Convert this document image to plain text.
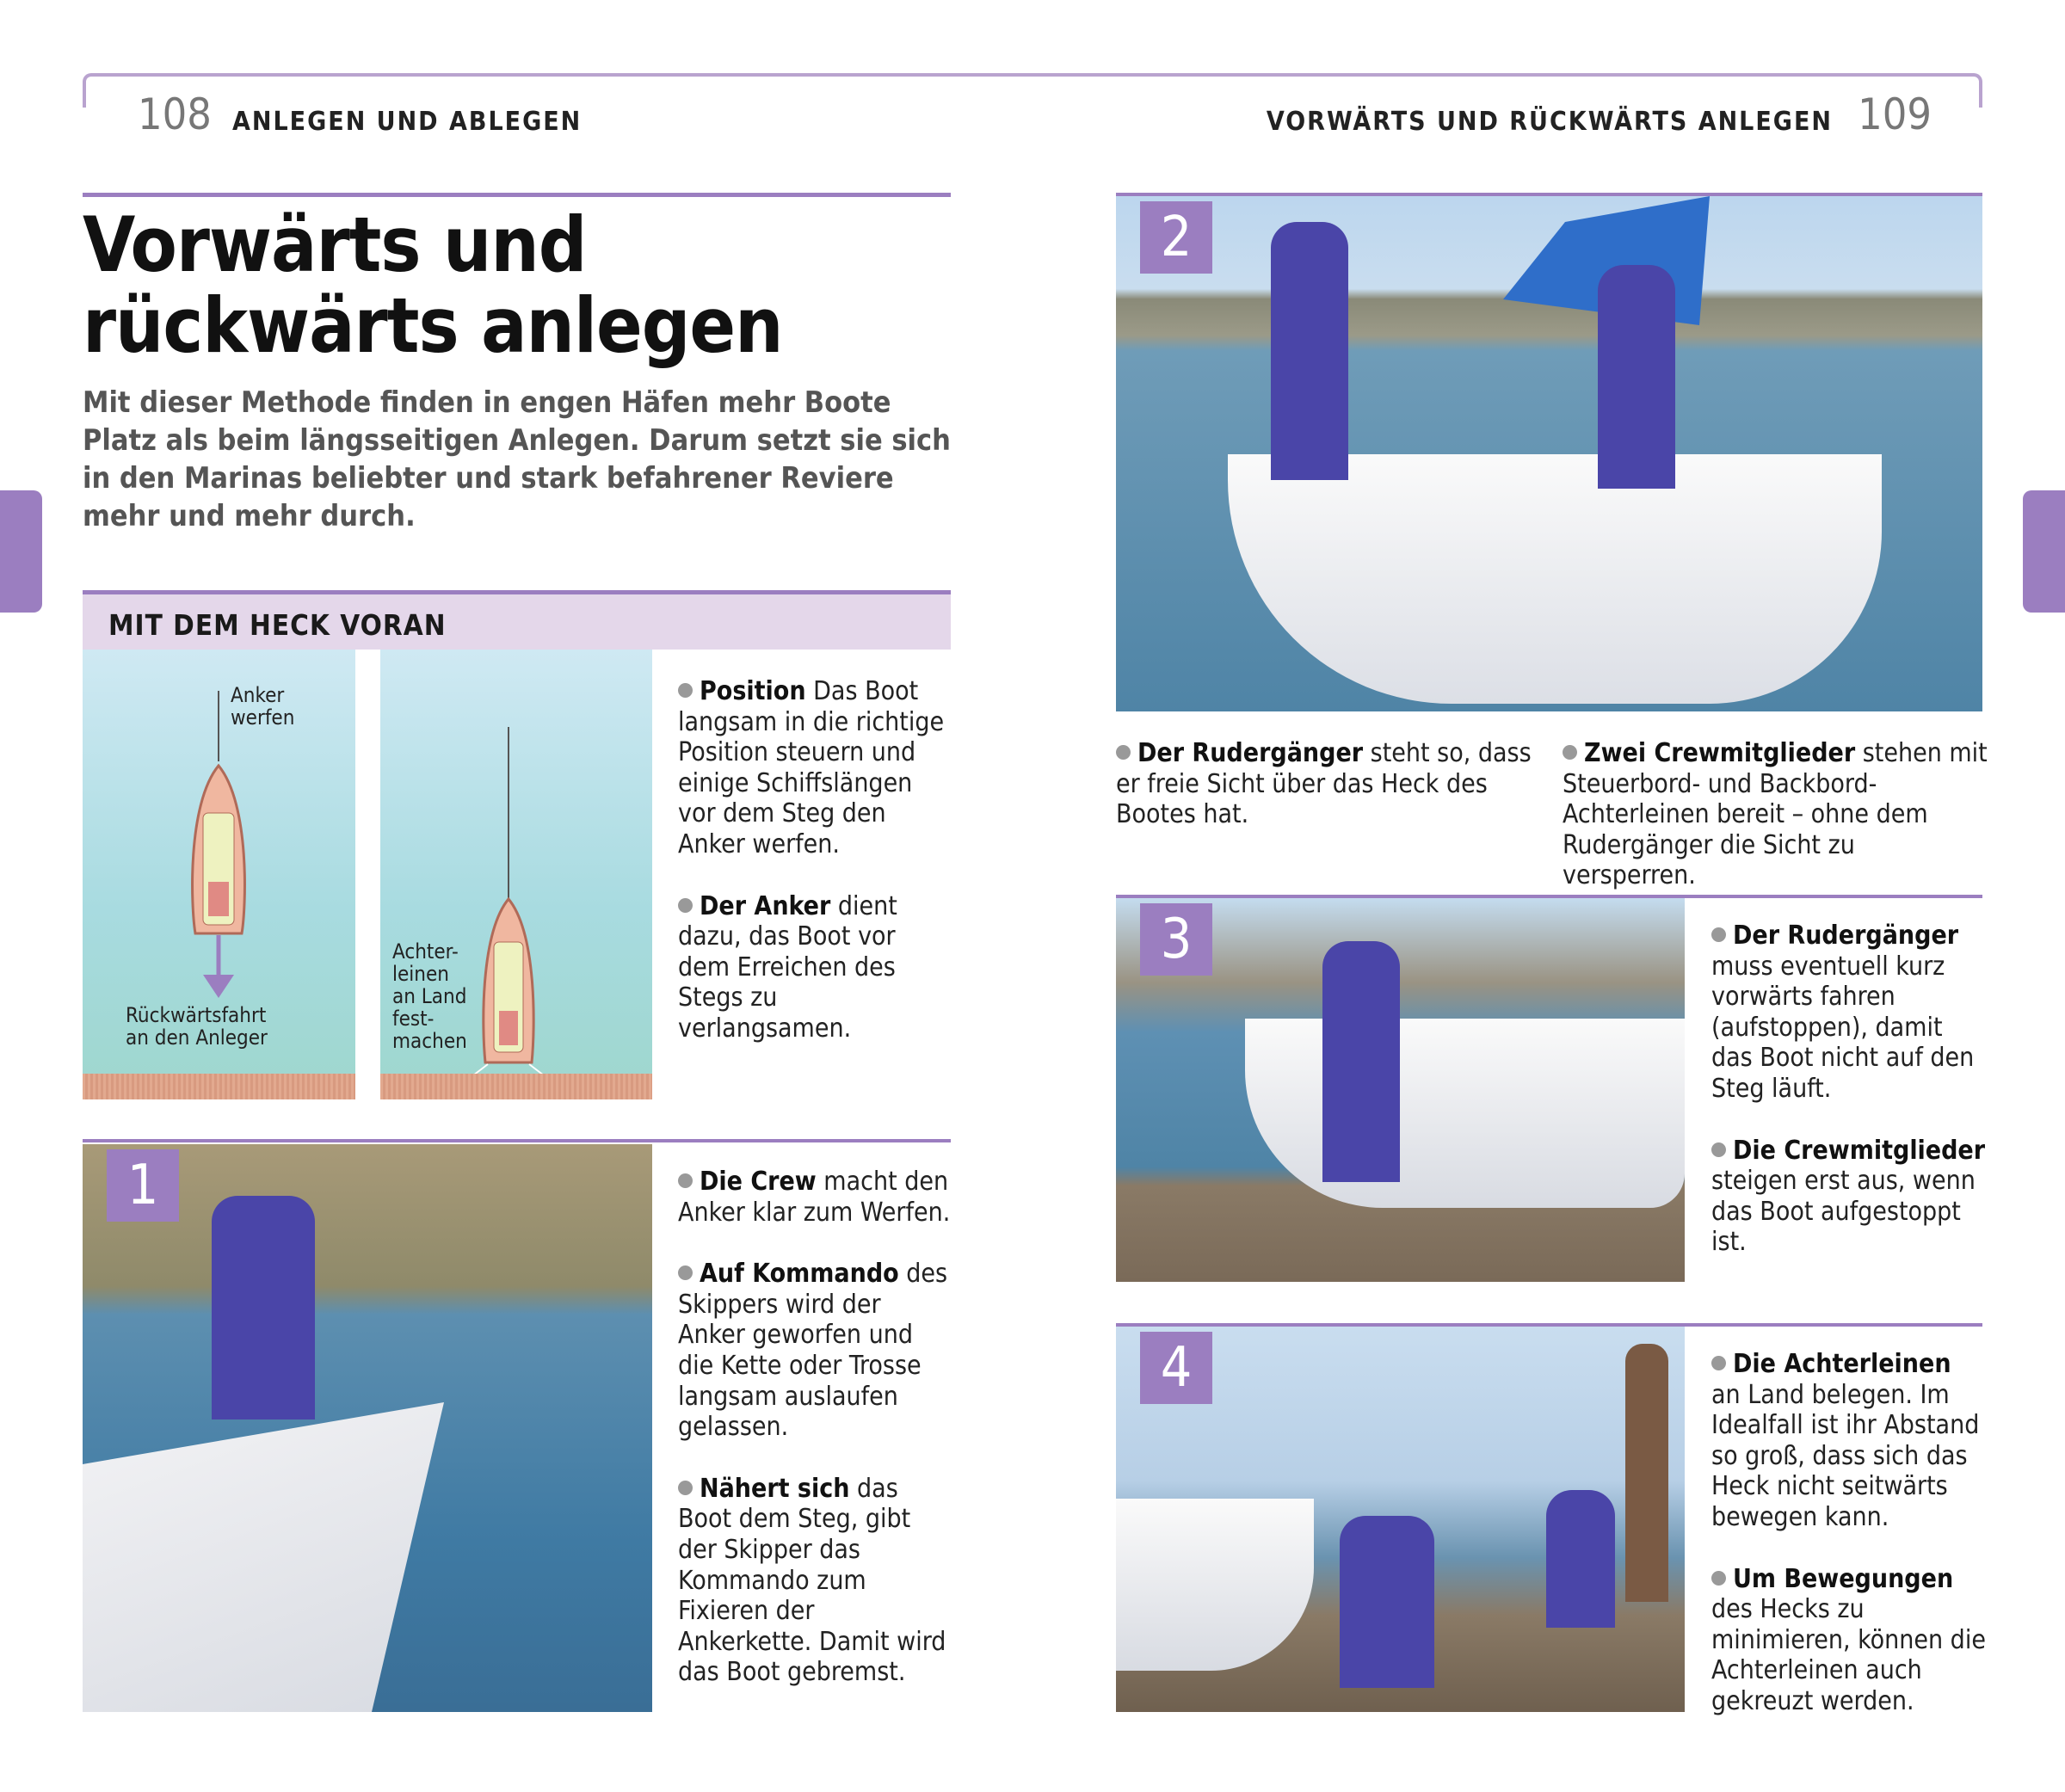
108 ANLEGEN UND ABLEGEN	VORWÄRTS UND RÜCKWÄRTS ANLEGEN 109
Vorwärts und rückwärts anlegen

Mit dieser Methode finden in engen Häfen mehr Boote Platz als beim längsseitigen Anlegen. Darum setzt sie sich in den Marinas beliebter und stark befahrener Reviere mehr und mehr durch.

MIT DEM HECK VORAN
Anker
werfen
Rückwärtsfahrt
an den Anleger
Achter-
leinen
an Land
fest-
machen

Position Das Boot langsam in die richtige Position steuern und einige Schiffslängen vor dem Steg den Anker werfen.

Der Anker dient dazu, das Boot vor dem Erreichen des Stegs zu verlangsamen.

1	Die Crew macht den Anker klar zum Werfen.

Auf Kommando des Skippers wird der Anker geworfen und die Kette oder Trosse langsam auslaufen gelassen.

Nähert sich das Boot dem Steg, gibt der Skipper das Kommando zum Fixieren der Ankerkette. Damit wird das Boot gebremst.

2

Der Rudergänger steht so, dass er freie Sicht über das Heck des Bootes hat.

Zwei Crewmitglieder stehen mit Steuerbord- und Backbord-Achterleinen bereit – ohne dem Rudergänger die Sicht zu versperren.

3	Der Rudergänger muss eventuell kurz vorwärts fahren (aufstoppen), damit das Boot nicht auf den Steg läuft.

Die Crewmitglieder steigen erst aus, wenn das Boot aufgestoppt ist.

4	Die Achterleinen an Land belegen. Im Idealfall ist ihr Abstand so groß, dass sich das Heck nicht seitwärts bewegen kann.

Um Bewegungen des Hecks zu minimieren, können die Achterleinen auch gekreuzt werden.
